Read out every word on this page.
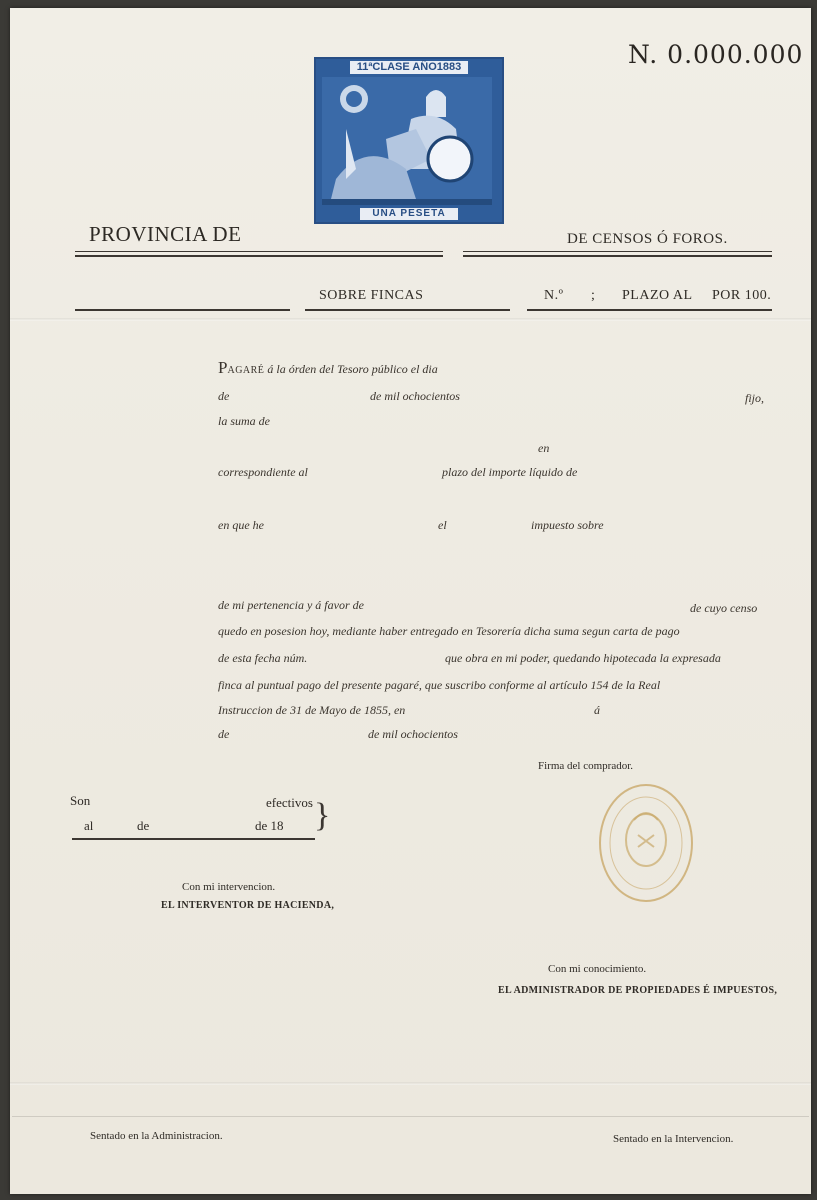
N. 0.000.000
11ªCLASE AÑO1883
UNA PESETA
PROVINCIA DE	DE CENSOS Ó FOROS.
SOBRE FINCAS	N.º ; PLAZO AL POR 100.
PAGARÉ á la órden del Tesoro público el dia
de	de mil ochocientos	fijo,
la suma de
en
correspondiente al	plazo del importe líquido de
en que he	el	impuesto sobre
de mi pertenencia y á favor de	de cuyo censo
quedo en posesion hoy, mediante haber entregado en Tesorería dicha suma segun carta de pago
de esta fecha núm.	que obra en mi poder, quedando hipotecada la expresada
finca al puntual pago del presente pagaré, que suscribo conforme al artículo 154 de la Real
Instruccion de 31 de Mayo de 1855, en	á
de	de mil ochocientos
Firma del comprador.
Son	efectivos
al	de	de 18 }
Con mi intervencion.
EL INTERVENTOR DE HACIENDA,
Con mi conocimiento.
EL ADMINISTRADOR DE PROPIEDADES É IMPUESTOS,
Sentado en la Administracion.	Sentado en la Intervencion.
